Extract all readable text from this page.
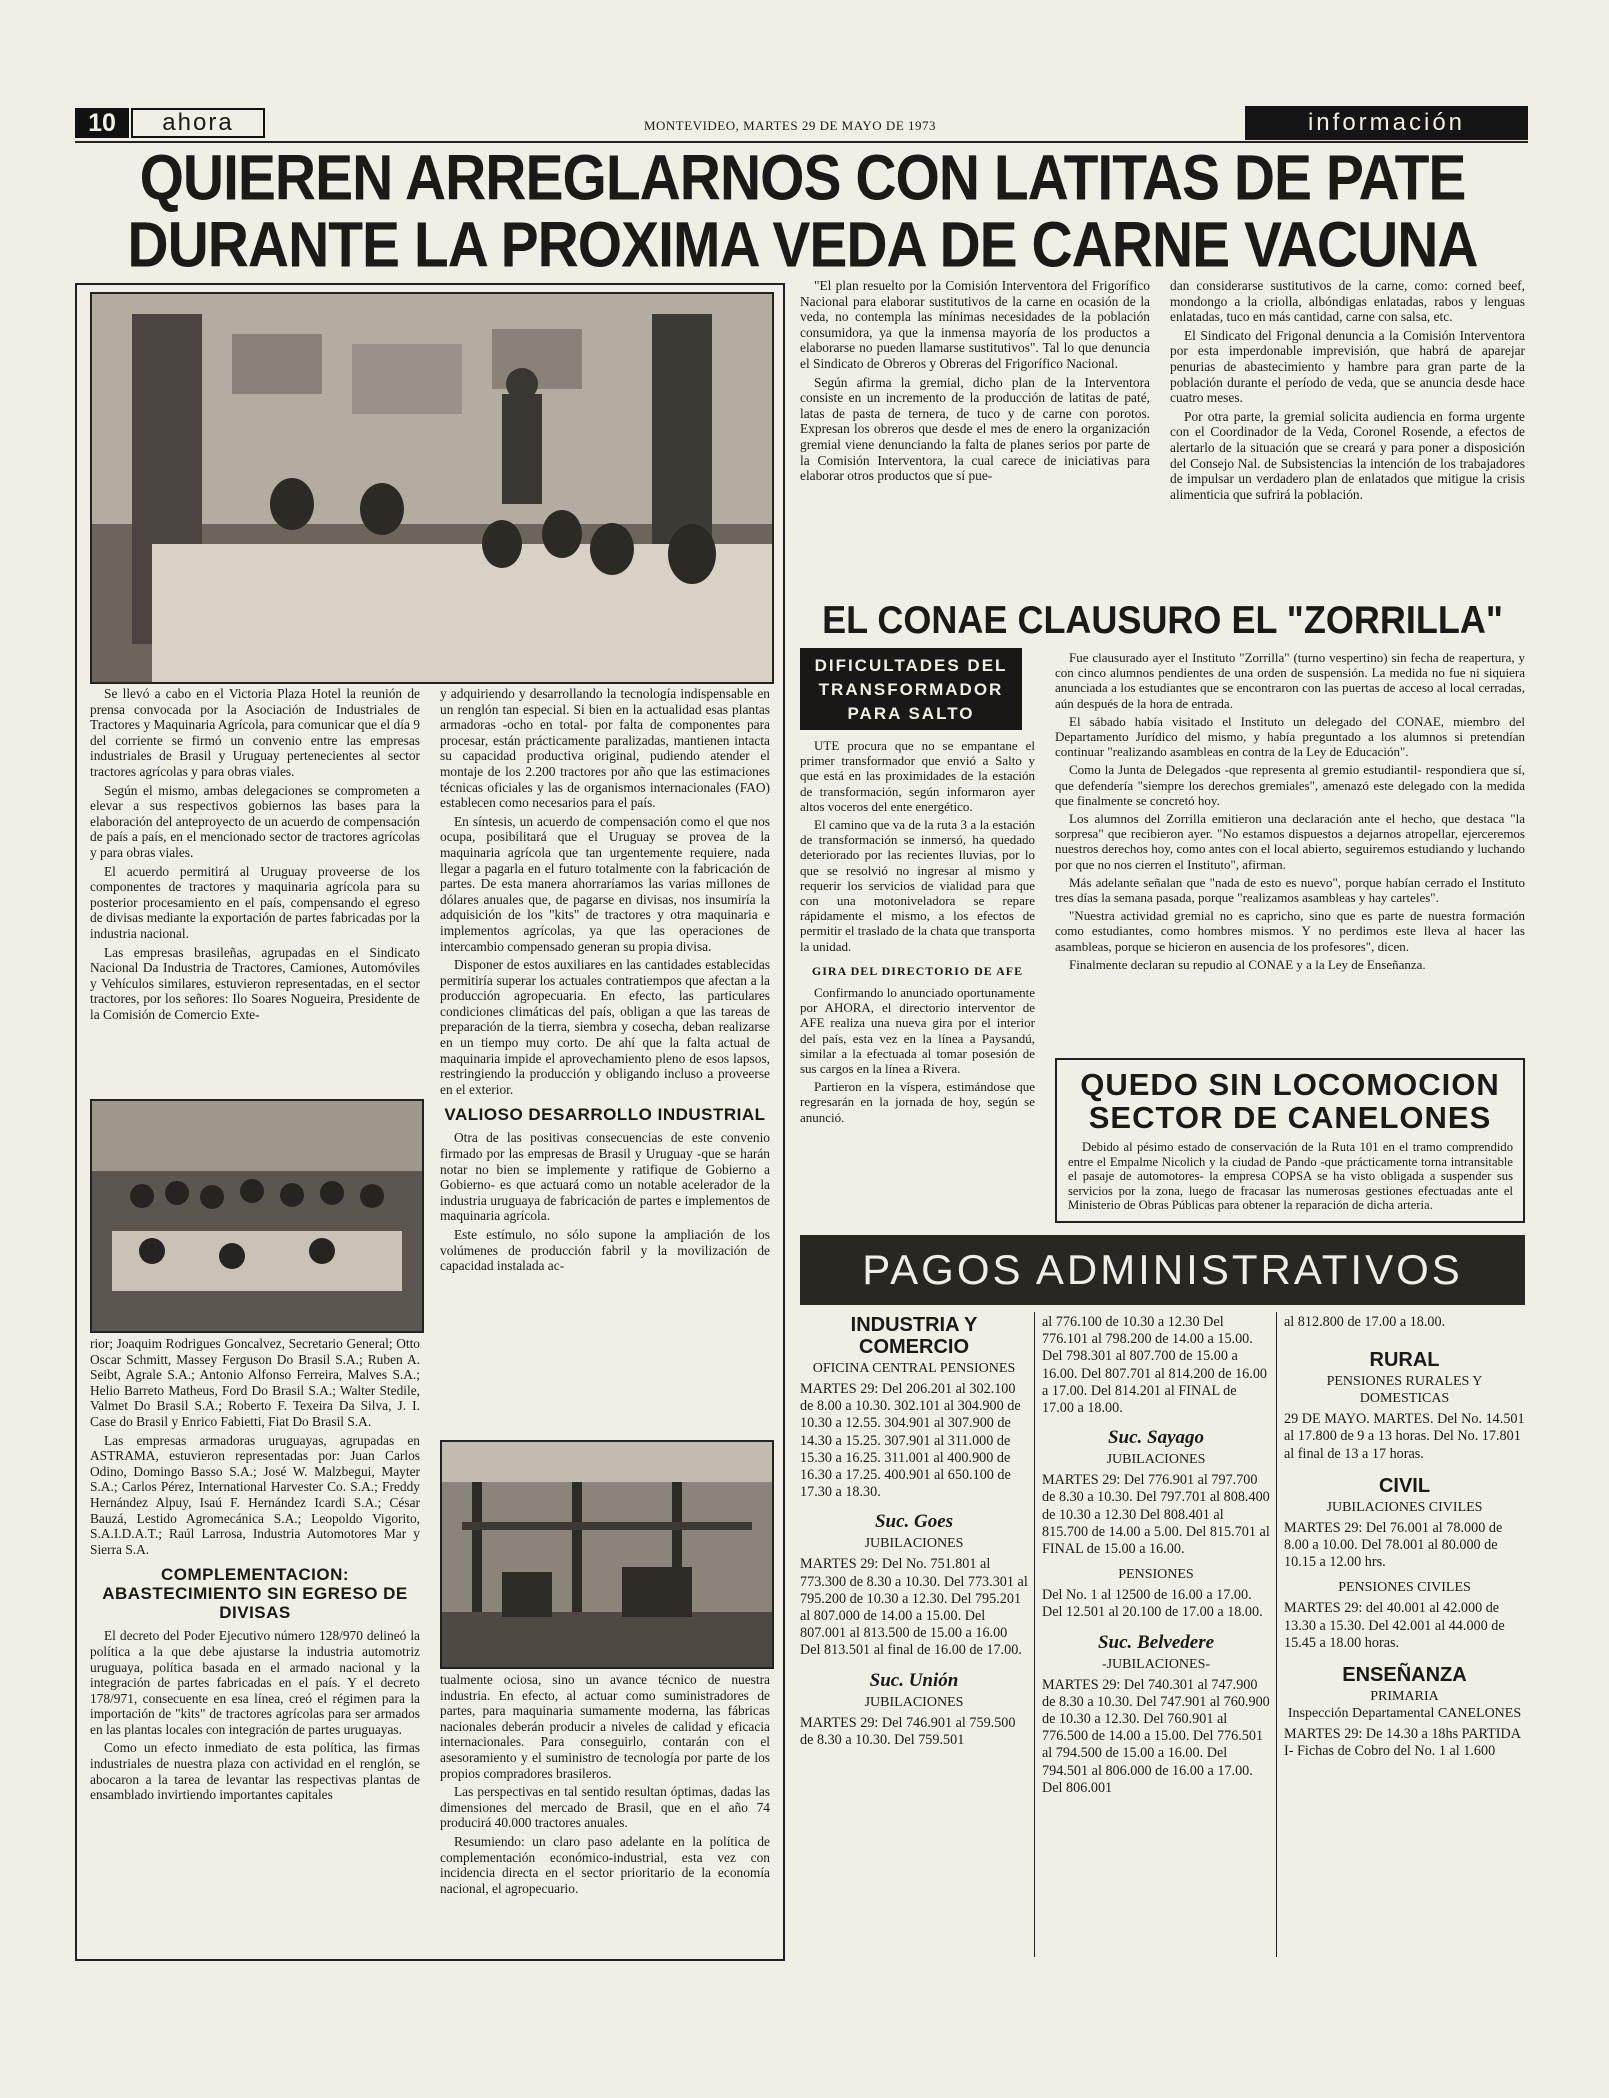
10	ahora	MONTEVIDEO, MARTES 29 DE MAYO DE 1973	información
QUIEREN ARREGLARNOS CON LATITAS DE PATE
DURANTE LA PROXIMA VEDA DE CARNE VACUNA

Se llevó a cabo en el Victoria Plaza Hotel la reunión de prensa convocada por la Asociación de Industriales de Tractores y Maquinaria Agrícola, para comunicar que el día 9 del corriente se firmó un convenio entre las empresas industriales de Brasil y Uruguay pertenecientes al sector tractores agrícolas y para obras viales.

Según el mismo, ambas delegaciones se comprometen a elevar a sus respectivos gobiernos las bases para la elaboración del anteproyecto de un acuerdo de compensación de país a país, en el mencionado sector de tractores agrícolas y para obras viales.

El acuerdo permitirá al Uruguay proveerse de los componentes de tractores y maquinaria agrícola para su posterior procesamiento en el país, compensando el egreso de divisas mediante la exportación de partes fabricadas por la industria nacional.

Las empresas brasileñas, agrupadas en el Sindicato Nacional Da Industria de Tractores, Camiones, Automóviles y Vehículos similares, estuvieron representadas, en el sector tractores, por los señores: Ilo Soares Nogueira, Presidente de la Comisión de Comercio Exte-

rior; Joaquim Rodrigues Goncalvez, Secretario General; Otto Oscar Schmitt, Massey Ferguson Do Brasil S.A.; Ruben A. Seibt, Agrale S.A.; Antonio Alfonso Ferreira, Malves S.A.; Helio Barreto Matheus, Ford Do Brasil S.A.; Walter Stedile, Valmet Do Brasil S.A.; Roberto F. Texeira Da Silva, J. I. Case do Brasil y Enrico Fabietti, Fiat Do Brasil S.A.

Las empresas armadoras uruguayas, agrupadas en ASTRAMA, estuvieron representadas por: Juan Carlos Odino, Domingo Basso S.A.; José W. Malzbegui, Mayter S.A.; Carlos Pérez, International Harvester Co. S.A.; Freddy Hernández Alpuy, Isaú F. Hernández Icardi S.A.; César Bauzá, Lestido Agromecánica S.A.; Leopoldo Vigorito, S.A.I.D.A.T.; Raúl Larrosa, Industria Automotores Mar y Sierra S.A.

COMPLEMENTACION: ABASTECIMIENTO SIN EGRESO DE DIVISAS

El decreto del Poder Ejecutivo número 128/970 delineó la política a la que debe ajustarse la industria automotriz uruguaya, política basada en el armado nacional y la integración de partes fabricadas en el país. Y el decreto 178/971, consecuente en esa línea, creó el régimen para la importación de "kits" de tractores agrícolas para ser armados en las plantas locales con integración de partes uruguayas.

Como un efecto inmediato de esta política, las firmas industriales de nuestra plaza con actividad en el renglón, se abocaron a la tarea de levantar las respectivas plantas de ensamblado invirtiendo importantes capitales

y adquiriendo y desarrollando la tecnología indispensable en un renglón tan especial. Si bien en la actualidad esas plantas armadoras -ocho en total- por falta de componentes para procesar, están prácticamente paralizadas, mantienen intacta su capacidad productiva original, pudiendo atender el montaje de los 2.200 tractores por año que las estimaciones técnicas oficiales y las de organismos internacionales (FAO) establecen como necesarios para el país.

En síntesis, un acuerdo de compensación como el que nos ocupa, posibilitará que el Uruguay se provea de la maquinaria agrícola que tan urgentemente requiere, nada llegar a pagarla en el futuro totalmente con la fabricación de partes. De esta manera ahorraríamos las varias millones de dólares anuales que, de pagarse en divisas, nos insumiría la adquisición de los "kits" de tractores y otra maquinaria e implementos agrícolas, ya que las operaciones de intercambio compensado generan su propia divisa.

Disponer de estos auxiliares en las cantidades establecidas permitiría superar los actuales contratiempos que afectan a la producción agropecuaria. En efecto, las particulares condiciones climáticas del país, obligan a que las tareas de preparación de la tierra, siembra y cosecha, deban realizarse en un tiempo muy corto. De ahí que la falta actual de maquinaria impide el aprovechamiento pleno de esos lapsos, restringiendo la producción y obligando incluso a proveerse en el exterior.

VALIOSO DESARROLLO INDUSTRIAL

Otra de las positivas consecuencias de este convenio firmado por las empresas de Brasil y Uruguay -que se harán notar no bien se implemente y ratifique de Gobierno a Gobierno- es que actuará como un notable acelerador de la industria uruguaya de fabricación de partes e implementos de maquinaria agrícola.

Este estímulo, no sólo supone la ampliación de los volúmenes de producción fabril y la movilización de capacidad instalada ac-

tualmente ociosa, sino un avance técnico de nuestra industria. En efecto, al actuar como suministradores de partes, para maquinaria sumamente moderna, las fábricas nacionales deberán producir a niveles de calidad y eficacia internacionales. Para conseguirlo, contarán con el asesoramiento y el suministro de tecnología por parte de los propios compradores brasileros.

Las perspectivas en tal sentido resultan óptimas, dadas las dimensiones del mercado de Brasil, que en el año 74 producirá 40.000 tractores anuales.

Resumiendo: un claro paso adelante en la política de complementación económico-industrial, esta vez con incidencia directa en el sector prioritario de la economía nacional, el agropecuario.

"El plan resuelto por la Comisión Interventora del Frigorífico Nacional para elaborar sustitutivos de la carne en ocasión de la veda, no contempla las mínimas necesidades de la población consumidora, ya que la inmensa mayoría de los productos a elaborarse no pueden llamarse sustitutivos". Tal lo que denuncia el Sindicato de Obreros y Obreras del Frigorífico Nacional.

Según afirma la gremial, dicho plan de la Interventora consiste en un incremento de la producción de latitas de paté, latas de pasta de ternera, de tuco y de carne con porotos. Expresan los obreros que desde el mes de enero la organización gremial viene denunciando la falta de planes serios por parte de la Comisión Interventora, la cual carece de iniciativas para elaborar otros productos que sí pue-

dan considerarse sustitutivos de la carne, como: corned beef, mondongo a la criolla, albóndigas enlatadas, rabos y lenguas enlatadas, tuco en más cantidad, carne con salsa, etc.

El Sindicato del Frigonal denuncia a la Comisión Interventora por esta imperdonable imprevisión, que habrá de aparejar penurias de abastecimiento y hambre para gran parte de la población durante el período de veda, que se anuncia desde hace cuatro meses.

Por otra parte, la gremial solicita audiencia en forma urgente con el Coordinador de la Veda, Coronel Rosende, a efectos de alertarlo de la situación que se creará y para poner a disposición del Consejo Nal. de Subsistencias la intención de los trabajadores de impulsar un verdadero plan de enlatados que mitigue la crisis alimenticia que sufrirá la población.

EL CONAE CLAUSURO EL "ZORRILLA"
DIFICULTADES DEL TRANSFORMADOR PARA SALTO

UTE procura que no se empantane el primer transformador que envió a Salto y que está en las proximidades de la estación de transformación, según informaron ayer altos voceros del ente energético.

El camino que va de la ruta 3 a la estación de transformación se inmersó, ha quedado deteriorado por las recientes lluvias, por lo que se resolvió no ingresar al mismo y requerir los servicios de vialidad para que con una motoniveladora se repare rápidamente el mismo, a los efectos de permitir el traslado de la chata que transporta la unidad.

GIRA DEL DIRECTORIO DE AFE

Confirmando lo anunciado oportunamente por AHORA, el directorio interventor de AFE realiza una nueva gira por el interior del país, esta vez en la línea a Paysandú, similar a la efectuada al tomar posesión de sus cargos en la línea a Rivera.

Partieron en la víspera, estimándose que regresarán en la jornada de hoy, según se anunció.

Fue clausurado ayer el Instituto "Zorrilla" (turno vespertino) sin fecha de reapertura, y con cinco alumnos pendientes de una orden de suspensión. La medida no fue ni siquiera anunciada a los estudiantes que se encontraron con las puertas de acceso al local cerradas, aún después de la hora de entrada.

El sábado había visitado el Instituto un delegado del CONAE, miembro del Departamento Jurídico del mismo, y había preguntado a los alumnos si pretendían continuar "realizando asambleas en contra de la Ley de Educación".

Como la Junta de Delegados -que representa al gremio estudiantil- respondiera que sí, que defendería "siempre los derechos gremiales", amenazó este delegado con la medida que finalmente se concretó hoy.

Los alumnos del Zorrilla emitieron una declaración ante el hecho, que destaca "la sorpresa" que recibieron ayer. "No estamos dispuestos a dejarnos atropellar, ejerceremos nuestros derechos hoy, como antes con el local abierto, seguiremos estudiando y luchando por que no nos cierren el Instituto", afirman.

Más adelante señalan que "nada de esto es nuevo", porque habían cerrado el Instituto tres días la semana pasada, porque "realizamos asambleas y hay carteles".

"Nuestra actividad gremial no es capricho, sino que es parte de nuestra formación como estudiantes, como hombres mismos. Y no perdimos este lleva al hacer las asambleas, porque se hicieron en ausencia de los profesores", dicen.

Finalmente declaran su repudio al CONAE y a la Ley de Enseñanza.

QUEDO SIN LOCOMOCION
SECTOR DE CANELONES

Debido al pésimo estado de conservación de la Ruta 101 en el tramo comprendido entre el Empalme Nicolich y la ciudad de Pando -que prácticamente torna intransitable el pasaje de automotores- la empresa COPSA se ha visto obligada a suspender sus servicios por la zona, luego de fracasar las numerosas gestiones efectuadas ante el Ministerio de Obras Públicas para obtener la reparación de dicha arteria.

PAGOS ADMINISTRATIVOS
INDUSTRIA Y COMERCIO
OFICINA CENTRAL PENSIONES
MARTES 29: Del 206.201 al 302.100 de 8.00 a 10.30. 302.101 al 304.900 de 10.30 a 12.55. 304.901 al 307.900 de 14.30 a 15.25. 307.901 al 311.000 de 15.30 a 16.25. 311.001 al 400.900 de 16.30 a 17.25. 400.901 al 650.100 de 17.30 a 18.30.
Suc. Goes
JUBILACIONES
MARTES 29: Del No. 751.801 al 773.300 de 8.30 a 10.30. Del 773.301 al 795.200 de 10.30 a 12.30. Del 795.201 al 807.000 de 14.00 a 15.00. Del 807.001 al 813.500 de 15.00 a 16.00 Del 813.501 al final de 16.00 de 17.00.
Suc. Unión
JUBILACIONES
MARTES 29: Del 746.901 al 759.500 de 8.30 a 10.30. Del 759.501
al 776.100 de 10.30 a 12.30 Del 776.101 al 798.200 de 14.00 a 15.00. Del 798.301 al 807.700 de 15.00 a 16.00. Del 807.701 al 814.200 de 16.00 a 17.00. Del 814.201 al FINAL de 17.00 a 18.00.
Suc. Sayago
JUBILACIONES
MARTES 29: Del 776.901 al 797.700 de 8.30 a 10.30. Del 797.701 al 808.400 de 10.30 a 12.30 Del 808.401 al 815.700 de 14.00 a 5.00. Del 815.701 al FINAL de 15.00 a 16.00.
PENSIONES
Del No. 1 al 12500 de 16.00 a 17.00. Del 12.501 al 20.100 de 17.00 a 18.00.
Suc. Belvedere
-JUBILACIONES-
MARTES 29: Del 740.301 al 747.900 de 8.30 a 10.30. Del 747.901 al 760.900 de 10.30 a 12.30. Del 760.901 al 776.500 de 14.00 a 15.00. Del 776.501 al 794.500 de 15.00 a 16.00. Del 794.501 al 806.000 de 16.00 a 17.00. Del 806.001
al 812.800 de 17.00 a 18.00.
RURAL
PENSIONES RURALES Y DOMESTICAS
29 DE MAYO. MARTES. Del No. 14.501 al 17.800 de 9 a 13 horas. Del No. 17.801 al final de 13 a 17 horas.
CIVIL
JUBILACIONES CIVILES
MARTES 29: Del 76.001 al 78.000 de 8.00 a 10.00. Del 78.001 al 80.000 de 10.15 a 12.00 hrs.
PENSIONES CIVILES
MARTES 29: del 40.001 al 42.000 de 13.30 a 15.30. Del 42.001 al 44.000 de 15.45 a 18.00 horas.
ENSEÑANZA
PRIMARIA
Inspección Departamental CANELONES
MARTES 29: De 14.30 a 18hs PARTIDA I- Fichas de Cobro del No. 1 al 1.600
